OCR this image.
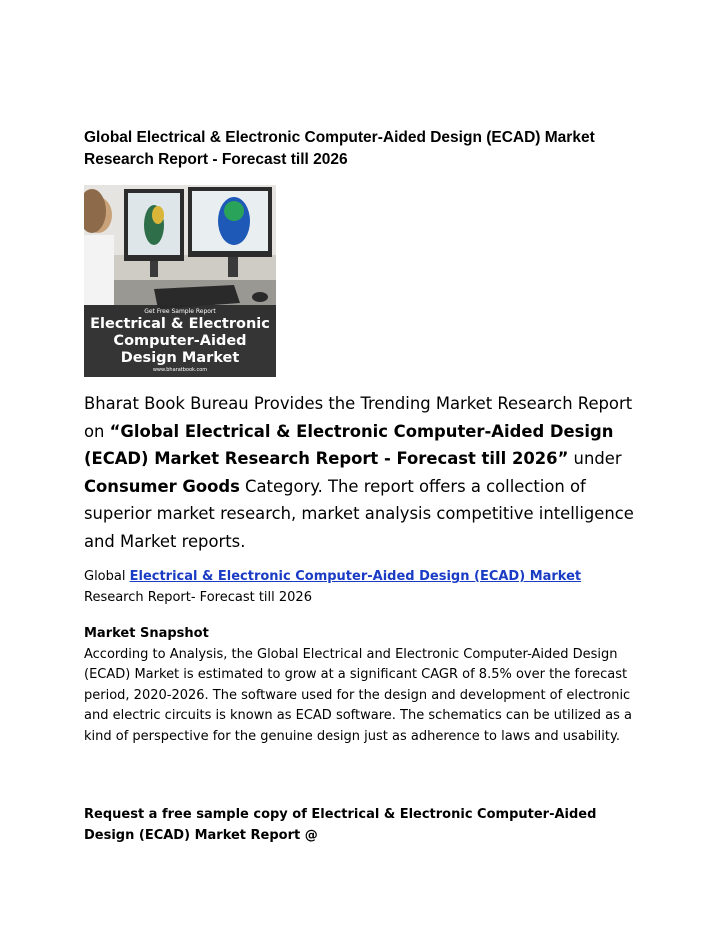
Global Electrical & Electronic Computer-Aided Design (ECAD) Market Research Report - Forecast till 2026
Get Free Sample Report
Electrical & Electronic
Computer-Aided
Design Market
www.bharatbook.com

Bharat Book Bureau Provides the Trending Market Research Report on “Global Electrical & Electronic Computer-Aided Design (ECAD) Market Research Report - Forecast till 2026” under Consumer Goods Category. The report offers a collection of superior market research, market analysis competitive intelligence and Market reports.

Global Electrical & Electronic Computer-Aided Design (ECAD) Market Research Report- Forecast till 2026

Market Snapshot

According to Analysis, the Global Electrical and Electronic Computer-Aided Design (ECAD) Market is estimated to grow at a significant CAGR of 8.5% over the forecast period, 2020-2026. The software used for the design and development of electronic and electric circuits is known as ECAD software. The schematics can be utilized as a kind of perspective for the genuine design just as adherence to laws and usability.

Request a free sample copy of Electrical & Electronic Computer-Aided Design (ECAD) Market Report @
